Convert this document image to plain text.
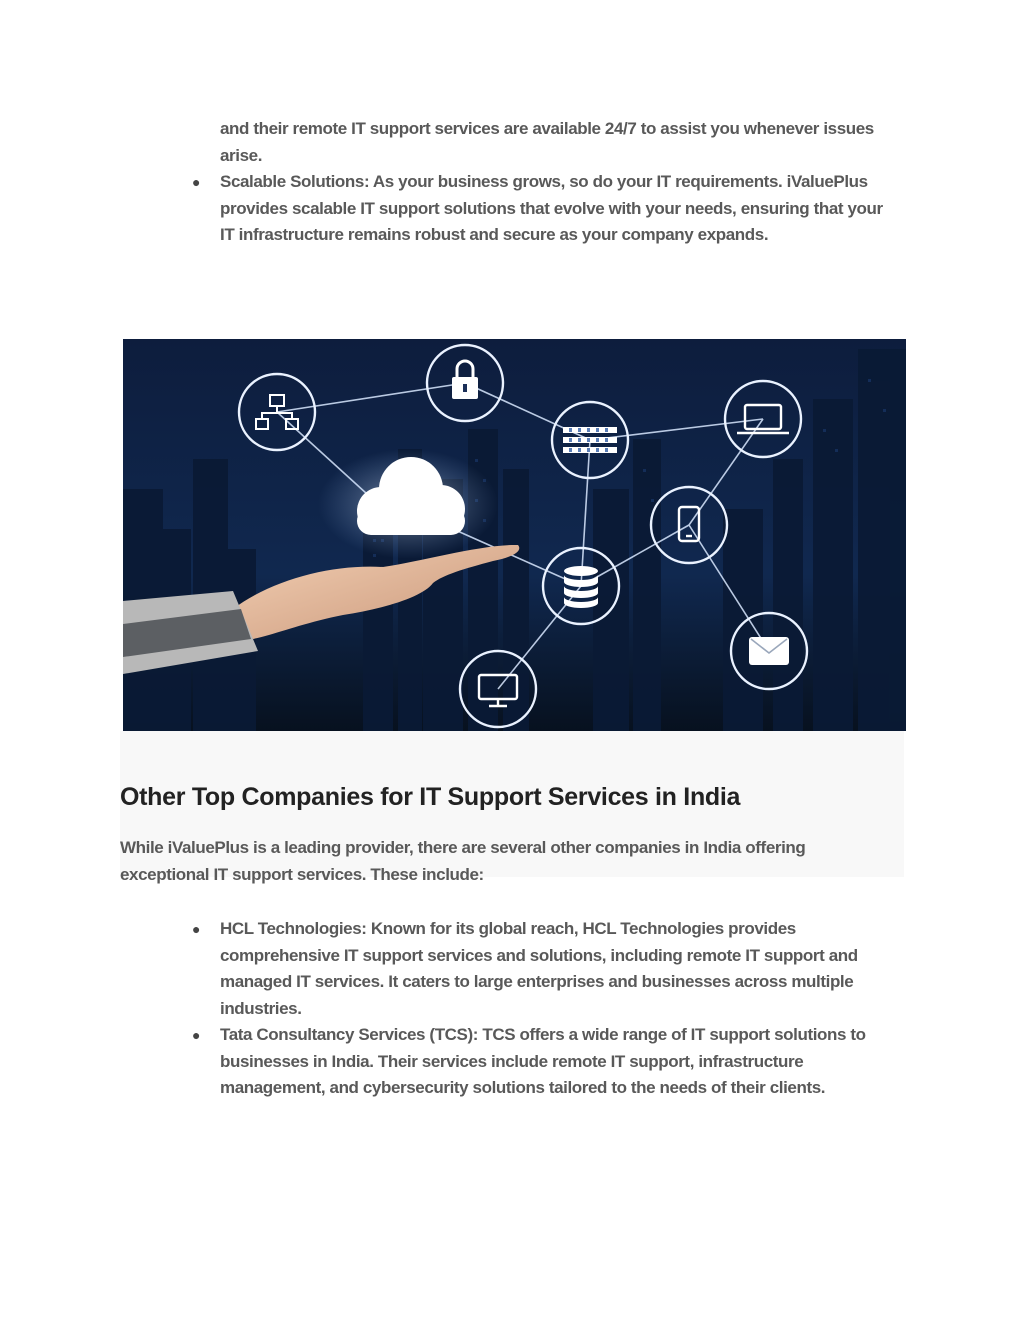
and their remote IT support services are available 24/7 to assist you whenever issues arise.

● Scalable Solutions: As your business grows, so do your IT requirements. iValuePlus provides scalable IT support solutions that evolve with your needs, ensuring that your IT infrastructure remains robust and secure as your company expands.
Other Top Companies for IT Support Services in India

While iValuePlus is a leading provider, there are several other companies in India offering exceptional IT support services. These include:

● HCL Technologies: Known for its global reach, HCL Technologies provides comprehensive IT support services and solutions, including remote IT support and managed IT services. It caters to large enterprises and businesses across multiple industries.
● Tata Consultancy Services (TCS): TCS offers a wide range of IT support solutions to businesses in India. Their services include remote IT support, infrastructure management, and cybersecurity solutions tailored to the needs of their clients.
